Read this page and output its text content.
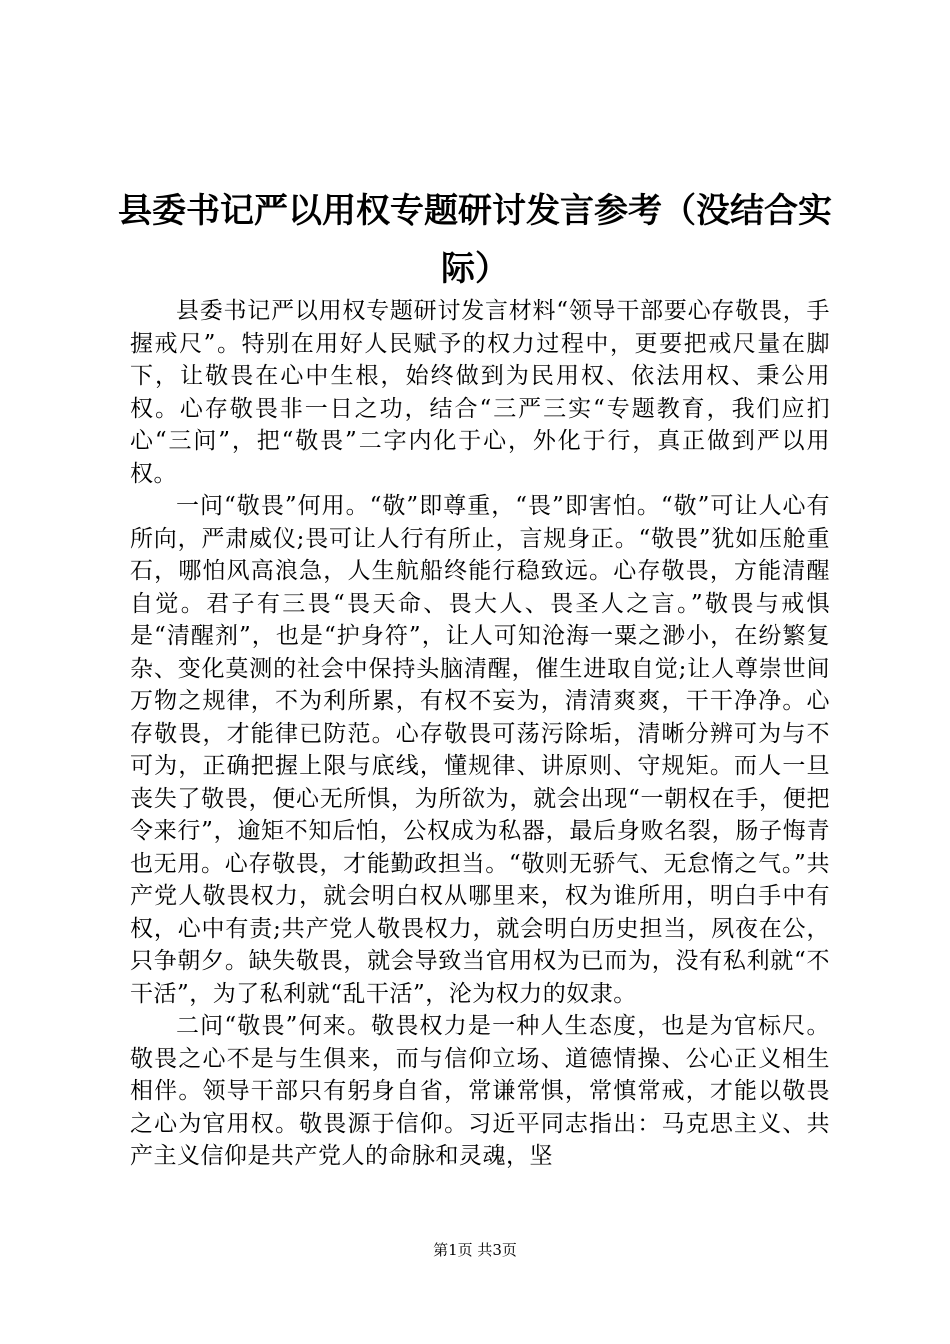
县委书记严以用权专题研讨发言参考（没结合实际）

县委书记严以用权专题研讨发言材料“领导干部要心存敬畏，手握戒尺”。特别在用好人民赋予的权力过程中，更要把戒尺量在脚下，让敬畏在心中生根，始终做到为民用权、依法用权、秉公用权。心存敬畏非一日之功，结合“三严三实“专题教育，我们应扪心“三问”，把“敬畏”二字内化于心，外化于行，真正做到严以用权。

一问“敬畏”何用。“敬”即尊重，“畏”即害怕。“敬”可让人心有所向，严肃威仪;畏可让人行有所止，言规身正。“敬畏”犹如压舱重石，哪怕风高浪急，人生航船终能行稳致远。心存敬畏，方能清醒自觉。君子有三畏“畏天命、畏大人、畏圣人之言。”敬畏与戒惧是“清醒剂”，也是“护身符”，让人可知沧海一粟之渺小，在纷繁复杂、变化莫测的社会中保持头脑清醒，催生进取自觉;让人尊崇世间万物之规律，不为利所累，有权不妄为，清清爽爽，干干净净。心存敬畏，才能律已防范。心存敬畏可荡污除垢，清晰分辨可为与不可为，正确把握上限与底线，懂规律、讲原则、守规矩。而人一旦丧失了敬畏，便心无所惧，为所欲为，就会出现“一朝权在手，便把令来行”，逾矩不知后怕，公权成为私器，最后身败名裂，肠子悔青也无用。心存敬畏，才能勤政担当。“敬则无骄气、无怠惰之气。”共产党人敬畏权力，就会明白权从哪里来，权为谁所用，明白手中有权，心中有责;共产党人敬畏权力，就会明白历史担当，夙夜在公，只争朝夕。缺失敬畏，就会导致当官用权为已而为，没有私利就“不干活”，为了私利就“乱干活”，沦为权力的奴隶。

二问“敬畏”何来。敬畏权力是一种人生态度，也是为官标尺。敬畏之心不是与生俱来，而与信仰立场、道德情操、公心正义相生相伴。领导干部只有躬身自省，常谦常惧，常慎常戒，才能以敬畏之心为官用权。敬畏源于信仰。习近平同志指出：马克思主义、共产主义信仰是共产党人的命脉和灵魂，坚

第1页 共3页
